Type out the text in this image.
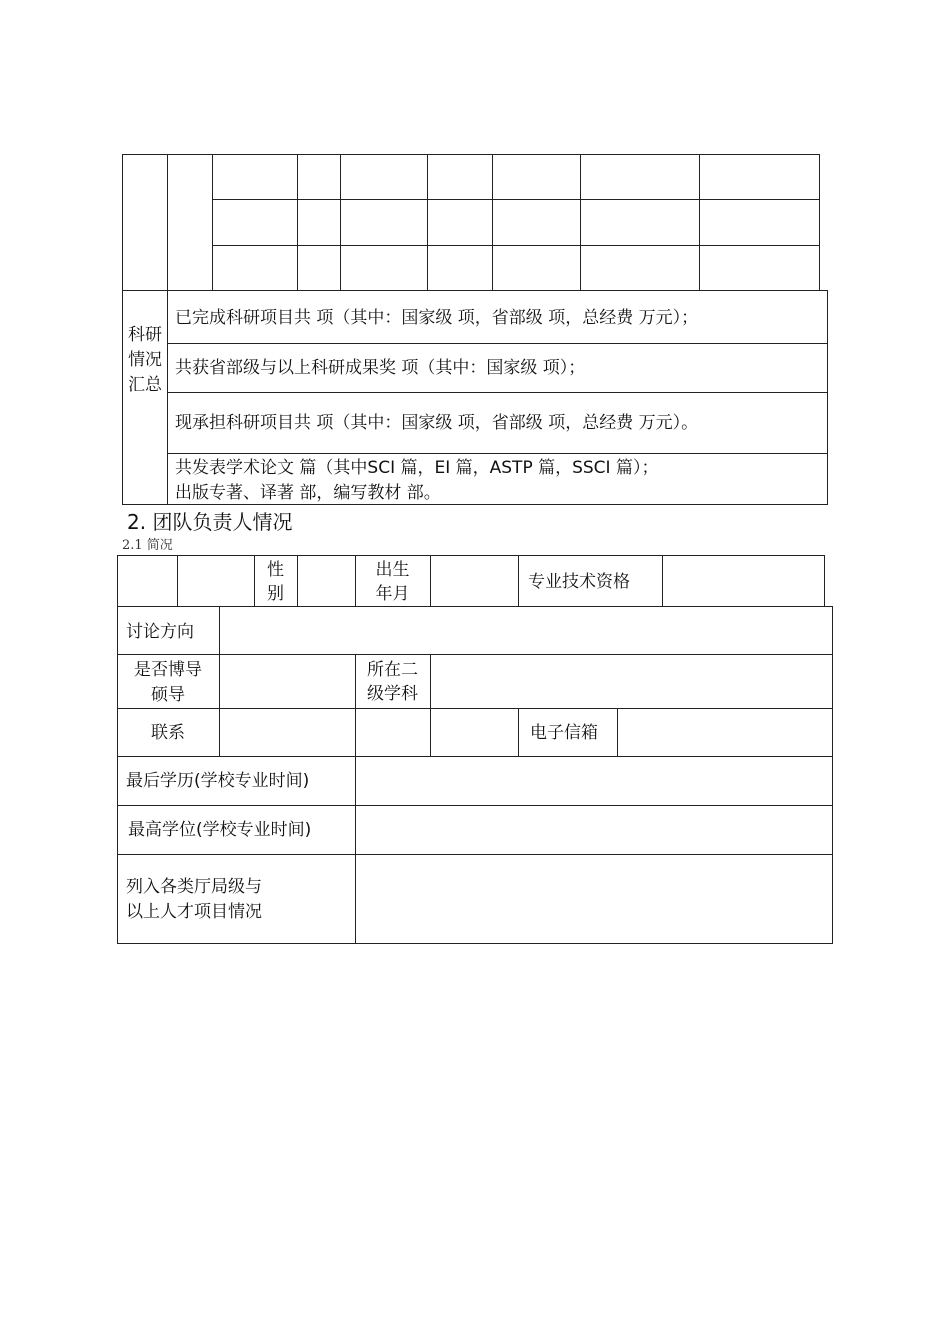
科研情况汇总
已完成科研项目共 项（其中：国家级 项，省部级 项，总经费 万元）；
共获省部级与以上科研成果奖 项（其中：国家级 项）；
现承担科研项目共 项（其中：国家级 项，省部级 项，总经费 万元）。
共发表学术论文 篇（其中SCI 篇，EI 篇，ASTP 篇，SSCI 篇）；
出版专著、译著 部，编写教材 部。
2. 团队负责人情况
2.1 简况
性别
出生年月
专业技术资格
讨论方向
是否博导
硕导
所在二级学科
联系	电子信箱
最后学历(学校专业时间)
最高学位(学校专业时间)
列入各类厅局级与
以上人才项目情况
